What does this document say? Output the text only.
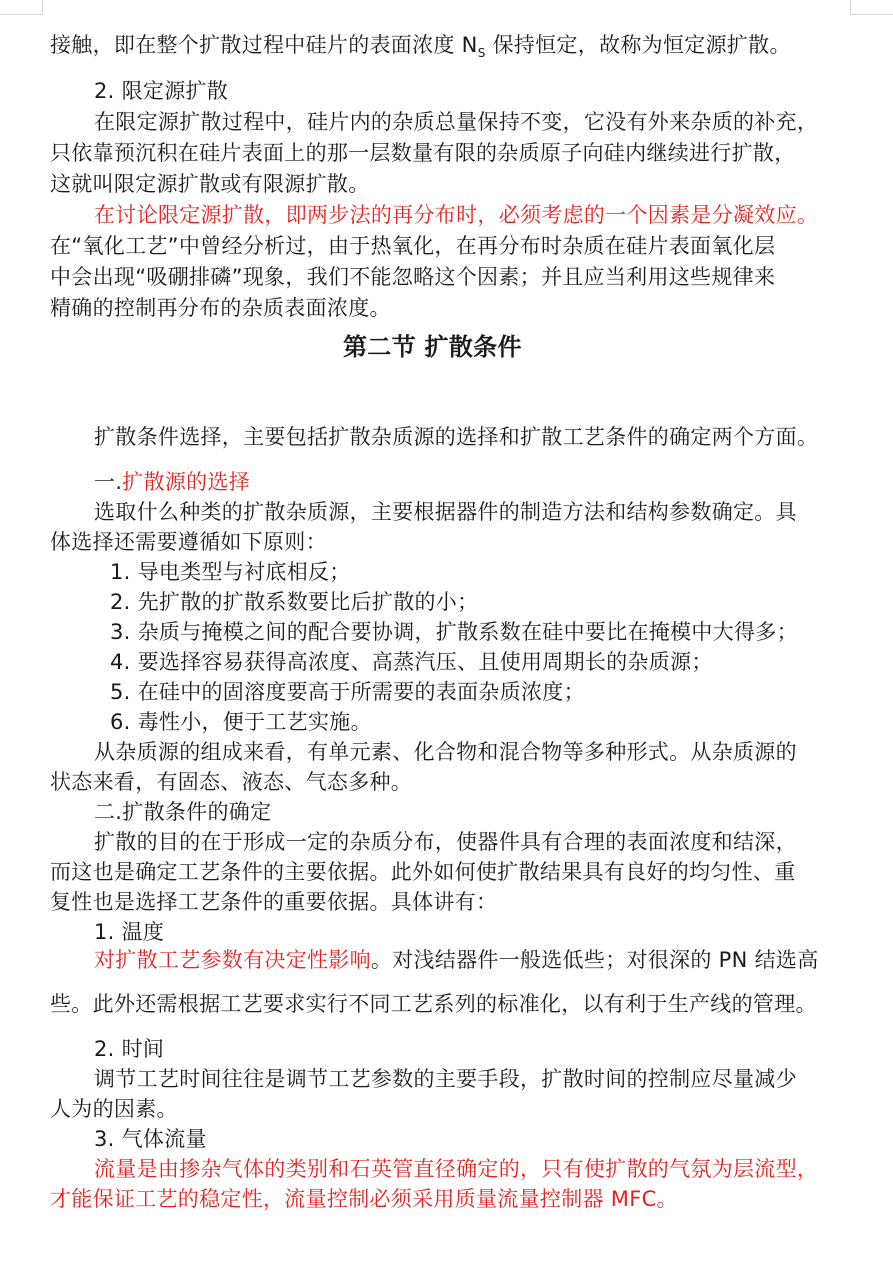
接触，即在整个扩散过程中硅片的表面浓度 $N_S$ 保持恒定，故称为恒定源扩散。
2. 限定源扩散
在限定源扩散过程中，硅片内的杂质总量保持不变，它没有外来杂质的补充，
只依靠预沉积在硅片表面上的那一层数量有限的杂质原子向硅内继续进行扩散，
这就叫限定源扩散或有限源扩散。
在讨论限定源扩散，即两步法的再分布时，必须考虑的一个因素是分凝效应。
在“氧化工艺”中曾经分析过，由于热氧化，在再分布时杂质在硅片表面氧化层
中会出现“吸硼排磷”现象，我们不能忽略这个因素；并且应当利用这些规律来
精确的控制再分布的杂质表面浓度。
第二节 扩散条件
扩散条件选择，主要包括扩散杂质源的选择和扩散工艺条件的确定两个方面。
一.扩散源的选择
选取什么种类的扩散杂质源，主要根据器件的制造方法和结构参数确定。具
体选择还需要遵循如下原则：
1. 导电类型与衬底相反；
2. 先扩散的扩散系数要比后扩散的小；
3. 杂质与掩模之间的配合要协调，扩散系数在硅中要比在掩模中大得多；
4. 要选择容易获得高浓度、高蒸汽压、且使用周期长的杂质源；
5. 在硅中的固溶度要高于所需要的表面杂质浓度；
6. 毒性小，便于工艺实施。
从杂质源的组成来看，有单元素、化合物和混合物等多种形式。从杂质源的
状态来看，有固态、液态、气态多种。
二.扩散条件的确定
扩散的目的在于形成一定的杂质分布，使器件具有合理的表面浓度和结深，
而这也是确定工艺条件的主要依据。此外如何使扩散结果具有良好的均匀性、重
复性也是选择工艺条件的重要依据。具体讲有：
1. 温度
对扩散工艺参数有决定性影响。对浅结器件一般选低些；对很深的 PN 结选高
些。此外还需根据工艺要求实行不同工艺系列的标准化，以有利于生产线的管理。
2. 时间
调节工艺时间往往是调节工艺参数的主要手段，扩散时间的控制应尽量减少
人为的因素。
3. 气体流量
流量是由掺杂气体的类别和石英管直径确定的，只有使扩散的气氛为层流型，
才能保证工艺的稳定性，流量控制必须采用质量流量控制器 MFC。
